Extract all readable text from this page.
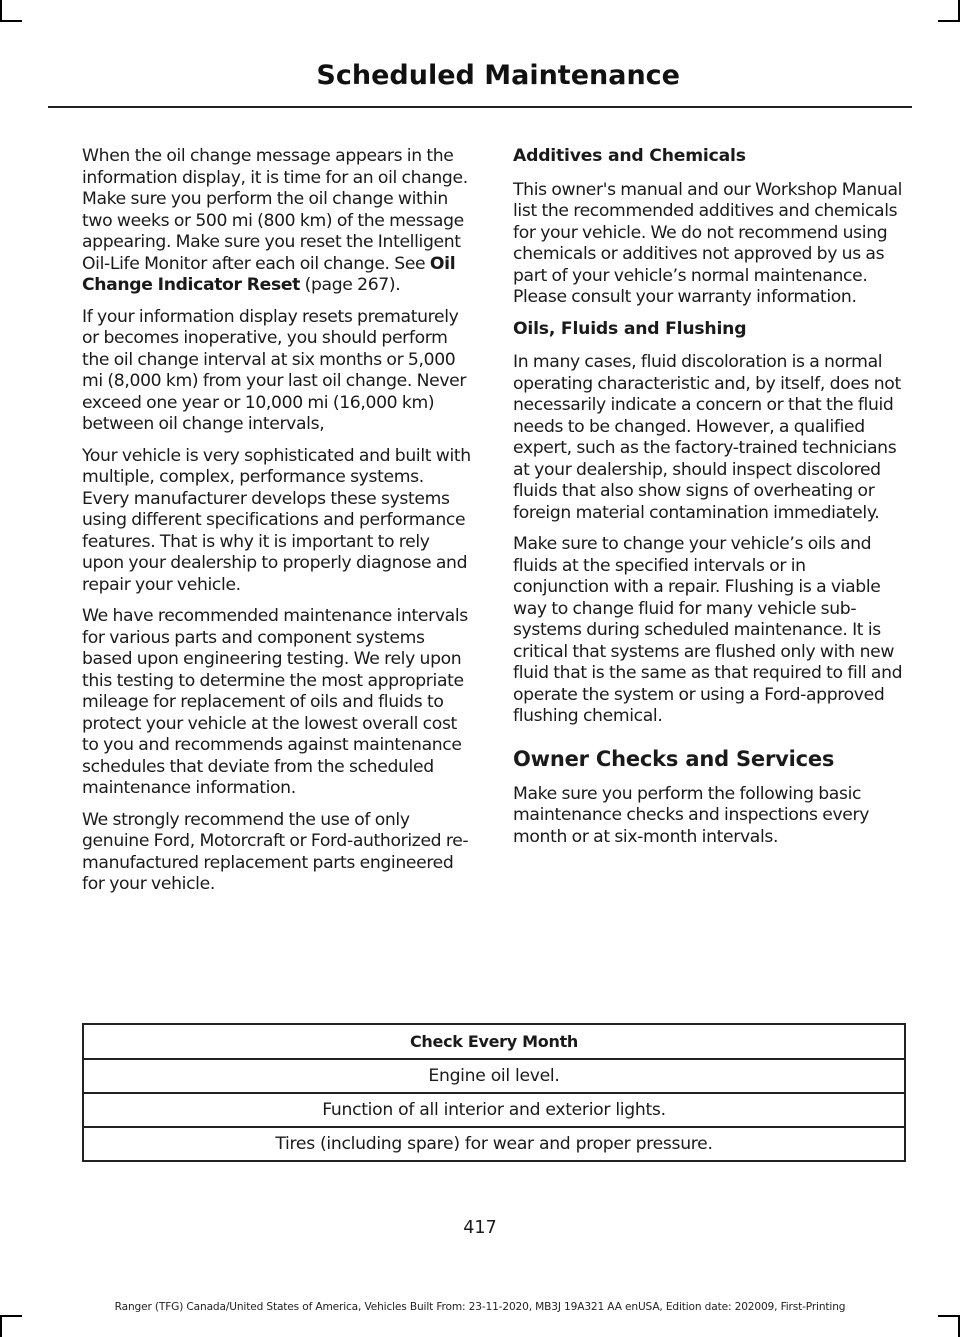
Scheduled Maintenance

When the oil change message appears in the information display, it is time for an oil change. Make sure you perform the oil change within two weeks or 500 mi (800 km) of the message appearing. Make sure you reset the Intelligent Oil-Life Monitor after each oil change. See Oil Change Indicator Reset (page 267).

If your information display resets prematurely or becomes inoperative, you should perform the oil change interval at six months or 5,000 mi (8,000 km) from your last oil change. Never exceed one year or 10,000 mi (16,000 km) between oil change intervals,

Your vehicle is very sophisticated and built with multiple, complex, performance systems. Every manufacturer develops these systems using different specifications and performance features. That is why it is important to rely upon your dealership to properly diagnose and repair your vehicle.

We have recommended maintenance intervals for various parts and component systems based upon engineering testing. We rely upon this testing to determine the most appropriate mileage for replacement of oils and fluids to protect your vehicle at the lowest overall cost to you and recommends against maintenance schedules that deviate from the scheduled maintenance information.

We strongly recommend the use of only genuine Ford, Motorcraft or Ford-authorized re-manufactured replacement parts engineered for your vehicle.

Additives and Chemicals

This owner's manual and our Workshop Manual list the recommended additives and chemicals for your vehicle. We do not recommend using chemicals or additives not approved by us as part of your vehicle’s normal maintenance. Please consult your warranty information.

Oils, Fluids and Flushing

In many cases, fluid discoloration is a normal operating characteristic and, by itself, does not necessarily indicate a concern or that the fluid needs to be changed. However, a qualified expert, such as the factory-trained technicians at your dealership, should inspect discolored fluids that also show signs of overheating or foreign material contamination immediately.

Make sure to change your vehicle’s oils and fluids at the specified intervals or in conjunction with a repair. Flushing is a viable way to change fluid for many vehicle sub-systems during scheduled maintenance. It is critical that systems are flushed only with new fluid that is the same as that required to fill and operate the system or using a Ford-approved flushing chemical.

Owner Checks and Services

Make sure you perform the following basic maintenance checks and inspections every month or at six-month intervals.

Check Every Month
Engine oil level.
Function of all interior and exterior lights.
Tires (including spare) for wear and proper pressure.
417
Ranger (TFG) Canada/United States of America, Vehicles Built From: 23-11-2020, MB3J 19A321 AA enUSA, Edition date: 202009, First-Printing
